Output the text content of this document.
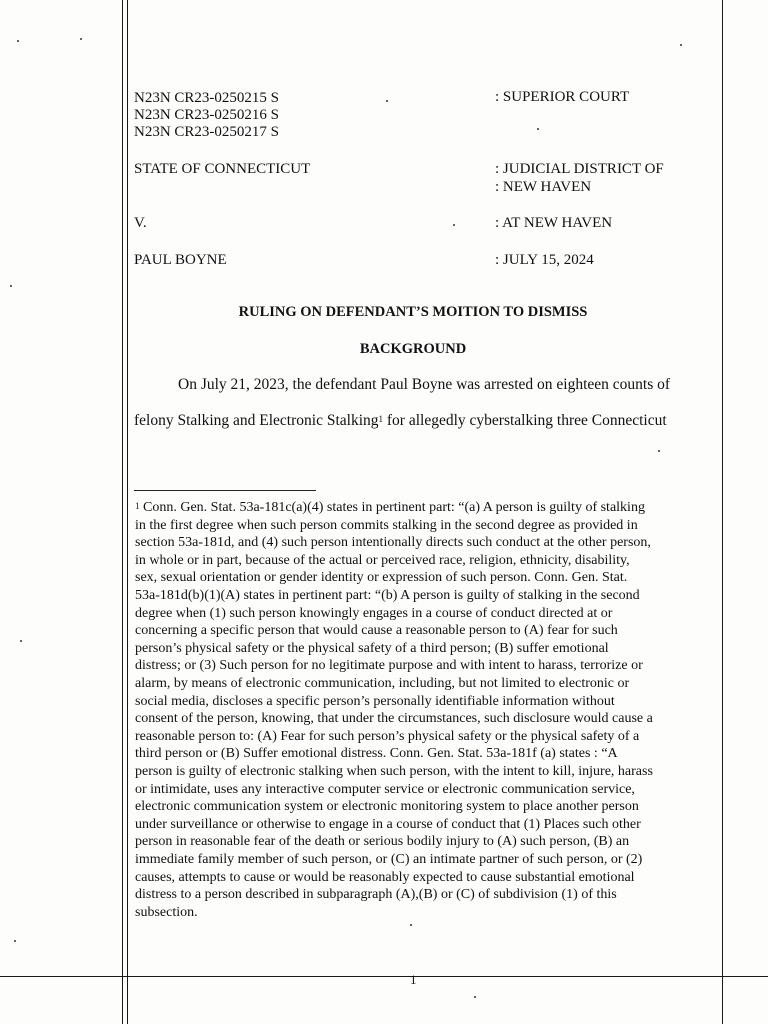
N23N CR23-0250215 S
N23N CR23-0250216 S
N23N CR23-0250217 S
STATE OF CONNECTICUT
V.
PAUL BOYNE
: SUPERIOR COURT
: JUDICIAL DISTRICT OF
: NEW HAVEN
: AT NEW HAVEN
: JULY 15, 2024
RULING ON DEFENDANT’S MOITION TO DISMISS
BACKGROUND
On July 21, 2023, the defendant Paul Boyne was arrested on eighteen counts of
felony Stalking and Electronic Stalking$^1$ for allegedly cyberstalking three Connecticut
$^1$ Conn. Gen. Stat. 53a-181c(a)(4) states in pertinent part: “(a) A person is guilty of stalking
in the first degree when such person commits stalking in the second degree as provided in
section 53a-181d, and (4) such person intentionally directs such conduct at the other person,
in whole or in part, because of the actual or perceived race, religion, ethnicity, disability,
sex, sexual orientation or gender identity or expression of such person. Conn. Gen. Stat.
53a-181d(b)(1)(A) states in pertinent part: “(b) A person is guilty of stalking in the second
degree when (1) such person knowingly engages in a course of conduct directed at or
concerning a specific person that would cause a reasonable person to (A) fear for such
person’s physical safety or the physical safety of a third person; (B) suffer emotional
distress; or (3) Such person for no legitimate purpose and with intent to harass, terrorize or
alarm, by means of electronic communication, including, but not limited to electronic or
social media, discloses a specific person’s personally identifiable information without
consent of the person, knowing, that under the circumstances, such disclosure would cause a
reasonable person to: (A) Fear for such person’s physical safety or the physical safety of a
third person or (B) Suffer emotional distress. Conn. Gen. Stat. 53a-181f (a) states : “A
person is guilty of electronic stalking when such person, with the intent to kill, injure, harass
or intimidate, uses any interactive computer service or electronic communication service,
electronic communication system or electronic monitoring system to place another person
under surveillance or otherwise to engage in a course of conduct that (1) Places such other
person in reasonable fear of the death or serious bodily injury to (A) such person, (B) an
immediate family member of such person, or (C) an intimate partner of such person, or (2)
causes, attempts to cause or would be reasonably expected to cause substantial emotional
distress to a person described in subparagraph (A),(B) or (C) of subdivision (1) of this
subsection.
1
